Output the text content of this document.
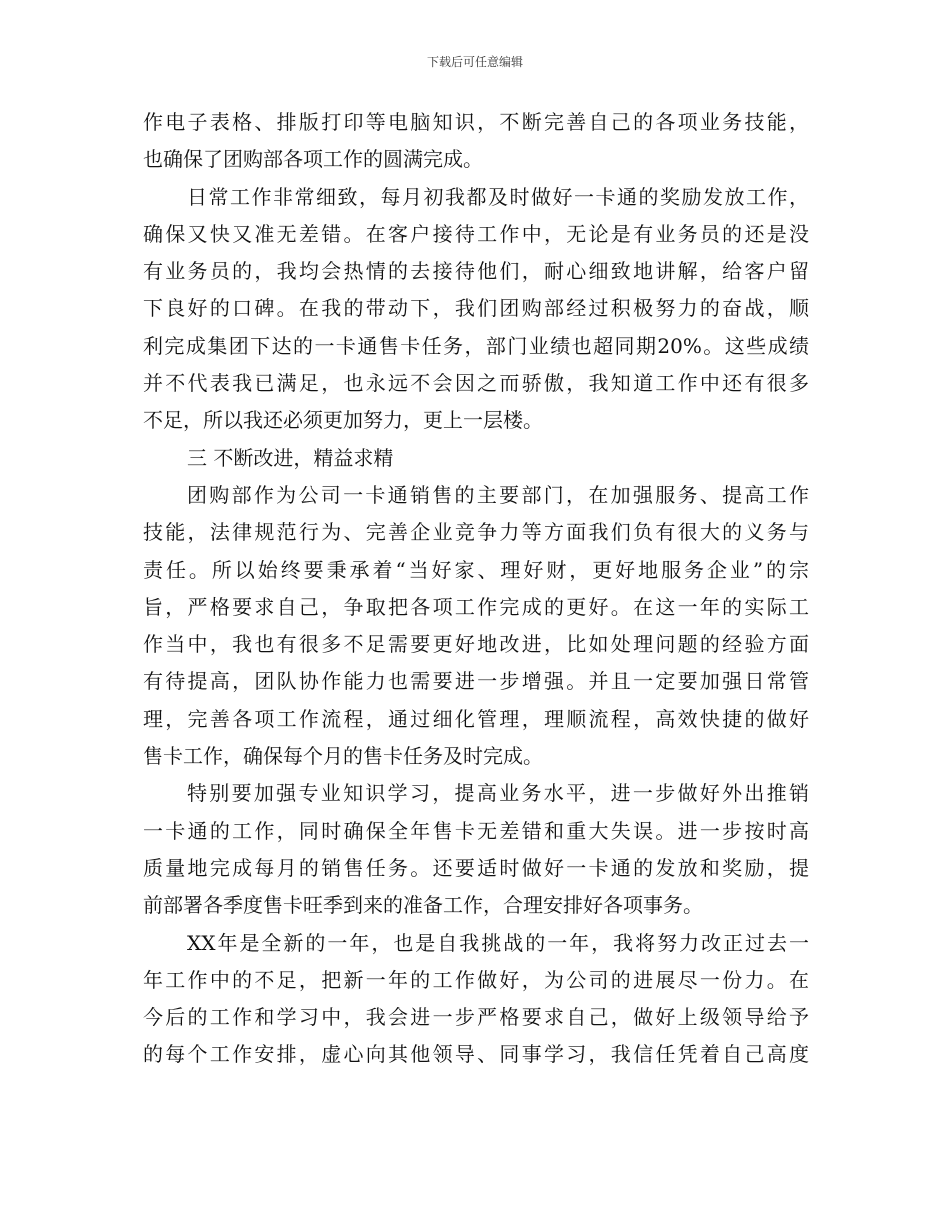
下载后可任意编辑
作电子表格、排版打印等电脑知识，不断完善自己的各项业务技能，
也确保了团购部各项工作的圆满完成。
日常工作非常细致，每月初我都及时做好一卡通的奖励发放工作，
确保又快又准无差错。在客户接待工作中，无论是有业务员的还是没
有业务员的，我均会热情的去接待他们，耐心细致地讲解，给客户留
下良好的口碑。在我的带动下，我们团购部经过积极努力的奋战，顺
利完成集团下达的一卡通售卡任务，部门业绩也超同期20%。这些成绩
并不代表我已满足，也永远不会因之而骄傲，我知道工作中还有很多
不足，所以我还必须更加努力，更上一层楼。
三 不断改进，精益求精
团购部作为公司一卡通销售的主要部门，在加强服务、提高工作
技能，法律规范行为、完善企业竞争力等方面我们负有很大的义务与
责任。所以始终要秉承着“当好家、理好财，更好地服务企业”的宗
旨，严格要求自己，争取把各项工作完成的更好。在这一年的实际工
作当中，我也有很多不足需要更好地改进，比如处理问题的经验方面
有待提高，团队协作能力也需要进一步增强。并且一定要加强日常管
理，完善各项工作流程，通过细化管理，理顺流程，高效快捷的做好
售卡工作，确保每个月的售卡任务及时完成。
特别要加强专业知识学习，提高业务水平，进一步做好外出推销
一卡通的工作，同时确保全年售卡无差错和重大失误。进一步按时高
质量地完成每月的销售任务。还要适时做好一卡通的发放和奖励，提
前部署各季度售卡旺季到来的准备工作，合理安排好各项事务。
XX年是全新的一年，也是自我挑战的一年，我将努力改正过去一
年工作中的不足，把新一年的工作做好，为公司的进展尽一份力。在
今后的工作和学习中，我会进一步严格要求自己，做好上级领导给予
的每个工作安排，虚心向其他领导、同事学习，我信任凭着自己高度
